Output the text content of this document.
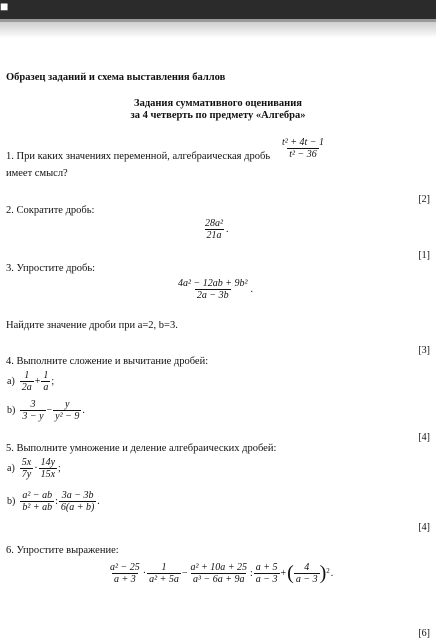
■
Образец заданий и схема выставления баллов
Задания суммативного оценивания
за 4 четверть по предмету «Алгебра»
1. При каких значениях переменной, алгебраическая дробь $\frac{\text{t² + 4t − 1}}{\text{t² − 36}}$
имеет смысл?
[2]
2. Сократите дробь:
$\frac{\text{28a²}}{21a}$ .
[1]
3. Упростите дробь:
$\frac{\text{4a² − 12ab + 9b²}}{2a - 3b}$ .
Найдите значение дроби при a=2, b=3.
[3]
4. Выполните сложение и вычитание дробей:
$a) \frac{1}{2a} + \frac{1}{a}$ ;
$b) \frac{3}{3 - y} - \frac{y}{\text{y² − 9}}$ .
[4]
5. Выполните умножение и деление алгебраических дробей:
$a) \frac{5x}{7y} \cdot \frac{14y}{15x}$ ;
$b) \frac{\text{a² − ab}}{\text{b² + ab}}$ : $\frac{3a - 3b}{6(a + b)}$ .
[4]
6. Упростите выражение:
$\frac{\text{a² − 25}}{a + 3} \cdot \frac{1}{\text{a² + 5a}} - \frac{\text{a² + 10a + 25}}{\text{a³ − 6a + 9a}}$ : $\frac{a + 5}{a - 3}$ +( $\frac{4}{a - 3} )^2$.
[6]
